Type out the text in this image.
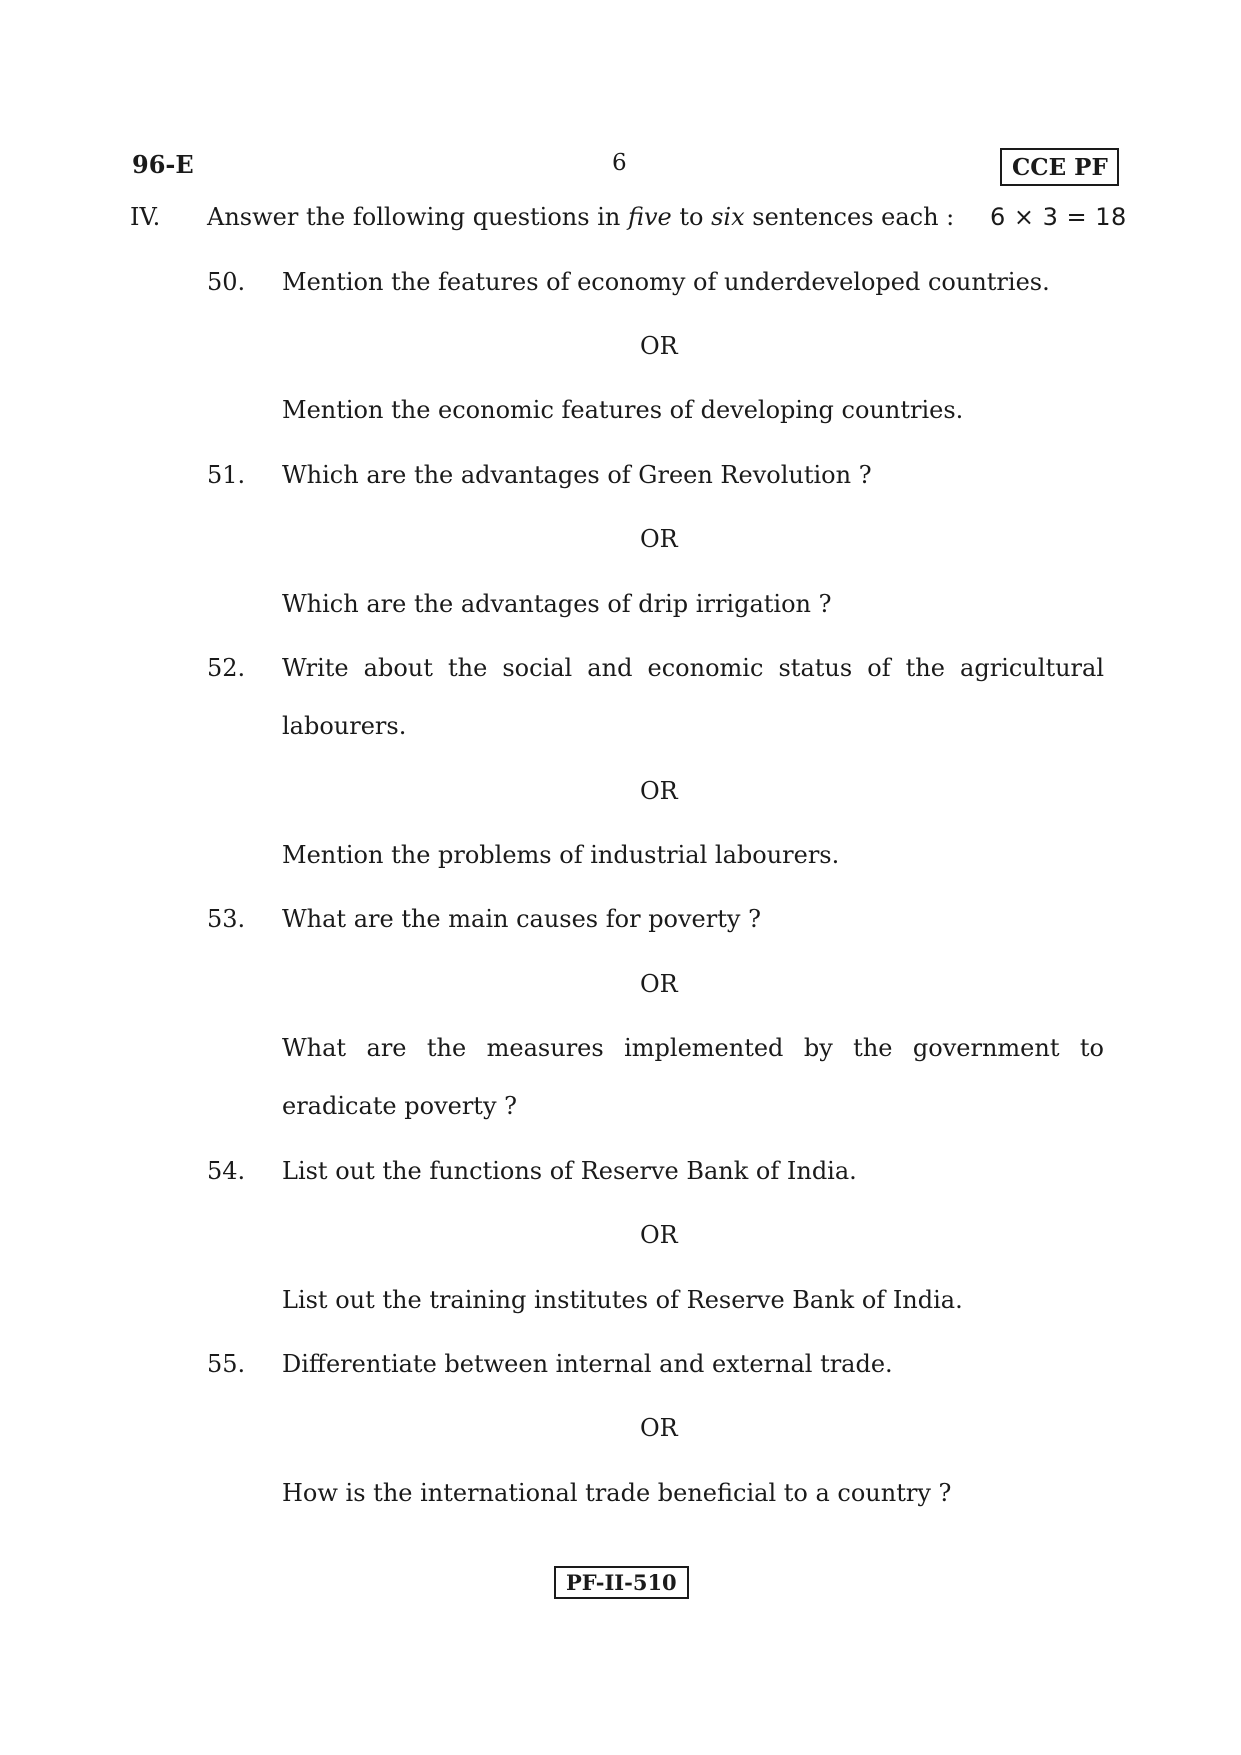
96-E	6	CCE PF
IV. Answer the following questions in five to six sentences each : 6 × 3 = 18
50. Mention the features of economy of underdeveloped countries.
OR
Mention the economic features of developing countries.
51. Which are the advantages of Green Revolution ?
OR
Which are the advantages of drip irrigation ?
52. Write about the social and economic status of the agricultural
labourers.
OR
Mention the problems of industrial labourers.
53. What are the main causes for poverty ?
OR
What are the measures implemented by the government to
eradicate poverty ?
54. List out the functions of Reserve Bank of India.
OR
List out the training institutes of Reserve Bank of India.
55. Differentiate between internal and external trade.
OR
How is the international trade beneficial to a country ?
PF-II-510
